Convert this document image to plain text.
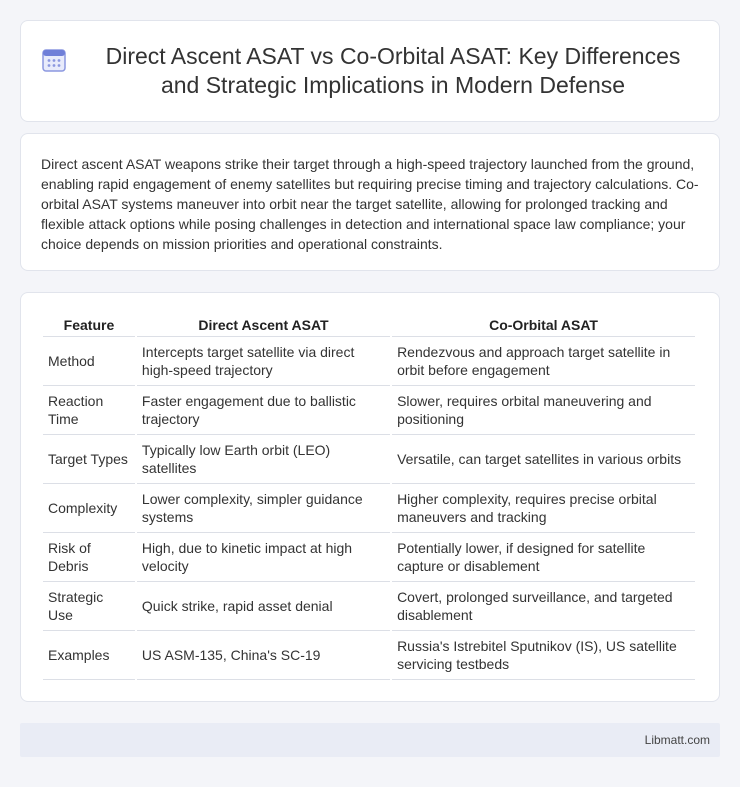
Direct Ascent ASAT vs Co-Orbital ASAT: Key Differences and Strategic Implications in Modern Defense

Direct ascent ASAT weapons strike their target through a high-speed trajectory launched from the ground, enabling rapid engagement of enemy satellites but requiring precise timing and trajectory calculations. Co-orbital ASAT systems maneuver into orbit near the target satellite, allowing for prolonged tracking and flexible attack options while posing challenges in detection and international space law compliance; your choice depends on mission priorities and operational constraints.

Feature	Direct Ascent ASAT	Co-Orbital ASAT
Method	Intercepts target satellite via direct high-speed trajectory	Rendezvous and approach target satellite in orbit before engagement
Reaction Time	Faster engagement due to ballistic trajectory	Slower, requires orbital maneuvering and positioning
Target Types	Typically low Earth orbit (LEO) satellites	Versatile, can target satellites in various orbits
Complexity	Lower complexity, simpler guidance systems	Higher complexity, requires precise orbital maneuvers and tracking
Risk of Debris	High, due to kinetic impact at high velocity	Potentially lower, if designed for satellite capture or disablement
Strategic Use	Quick strike, rapid asset denial	Covert, prolonged surveillance, and targeted disablement
Examples	US ASM-135, China's SC-19	Russia's Istrebitel Sputnikov (IS), US satellite servicing testbeds
Libmatt.com
